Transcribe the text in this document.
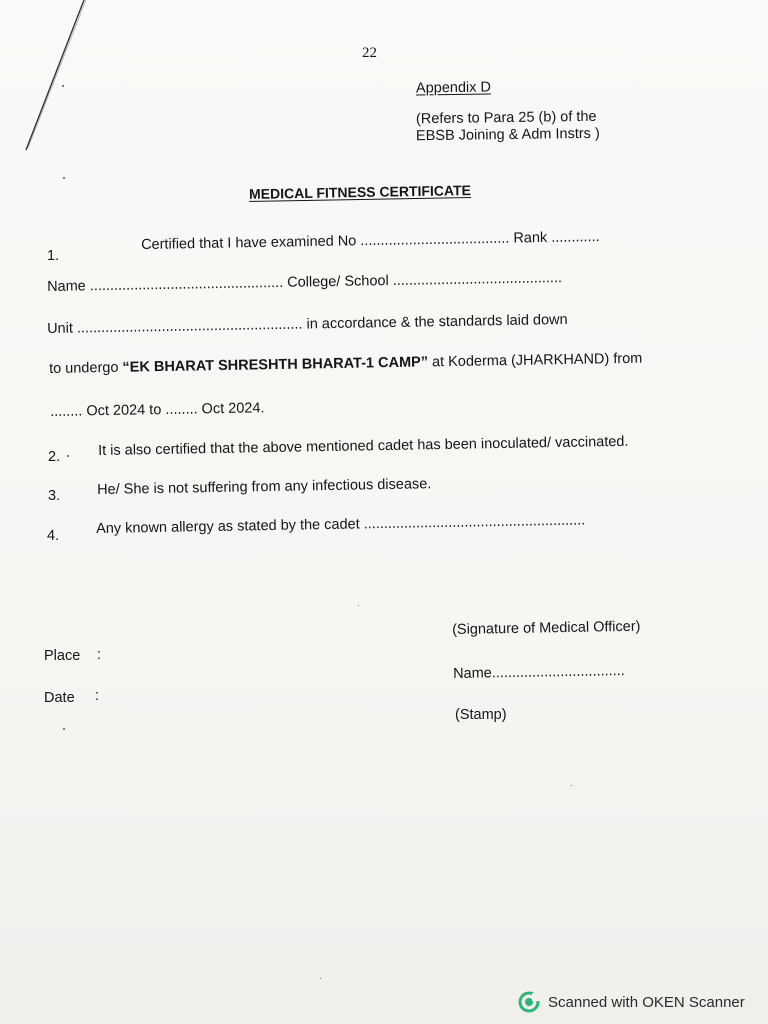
22
Appendix D
(Refers to Para 25 (b) of the
EBSB Joining & Adm Instrs )
MEDICAL FITNESS CERTIFICATE
1.
Certified that I have examined No ..................................... Rank ............
Name ................................................ College/ School ..........................................
Unit ........................................................ in accordance & the standards laid down
to undergo “EK BHARAT SHRESHTH BHARAT-1 CAMP” at Koderma (JHARKHAND) from
........ Oct 2024 to ........ Oct 2024.
2.	It is also certified that the above mentioned cadet has been inoculated/ vaccinated.
3.	He/ She is not suffering from any infectious disease.
4.	Any known allergy as stated by the cadet .......................................................
(Signature of Medical Officer)
Name.................................
(Stamp)
Place :
Date :
Scanned with OKEN Scanner
